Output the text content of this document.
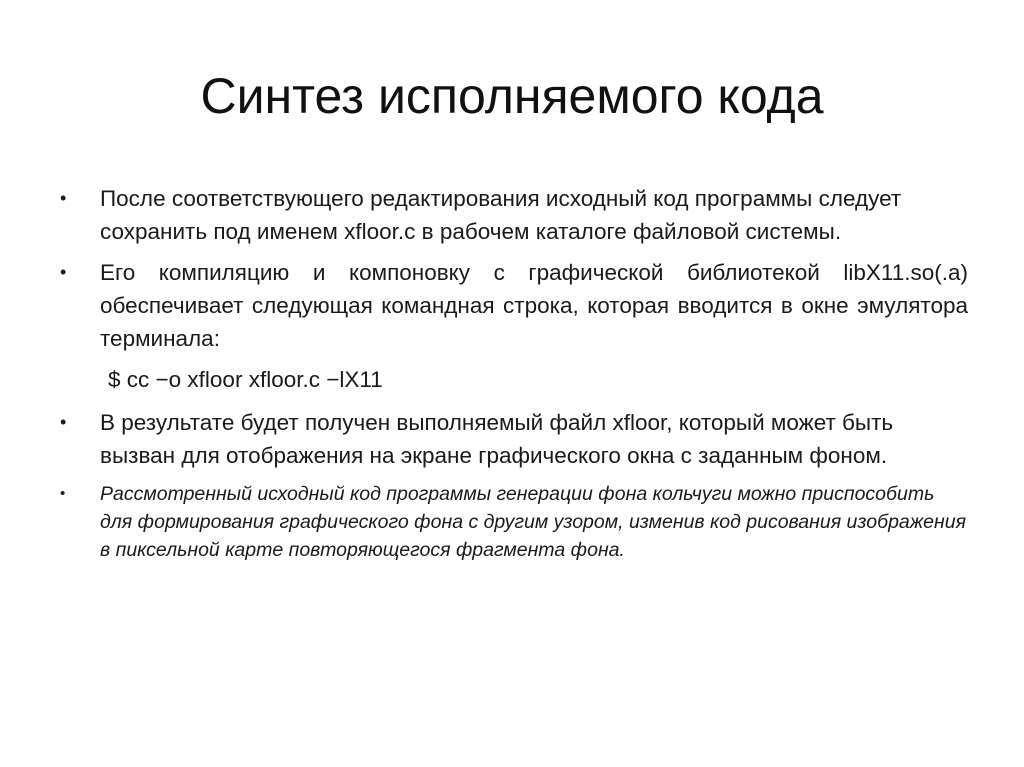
Синтез исполняемого кода
•	После соответствующего редактирования исходный код программы следует сохранить под именем xfloor.c в рабочем каталоге файловой системы.
•	Его компиляцию и компоновку с графической библиотекой libX11.so(.a) обеспечивает следующая командная строка, которая вводится в окне эмулятора терминала:
$ cc −o xfloor xfloor.c −lX11
•	В результате будет получен выполняемый файл xfloor, который может быть вызван для отображения на экране графического окна с заданным фоном.
•	Рассмотренный исходный код программы генерации фона кольчуги можно приспособить для формирования графического фона с другим узором, изменив код рисования изображения в пиксельной карте повторяющегося фрагмента фона.
